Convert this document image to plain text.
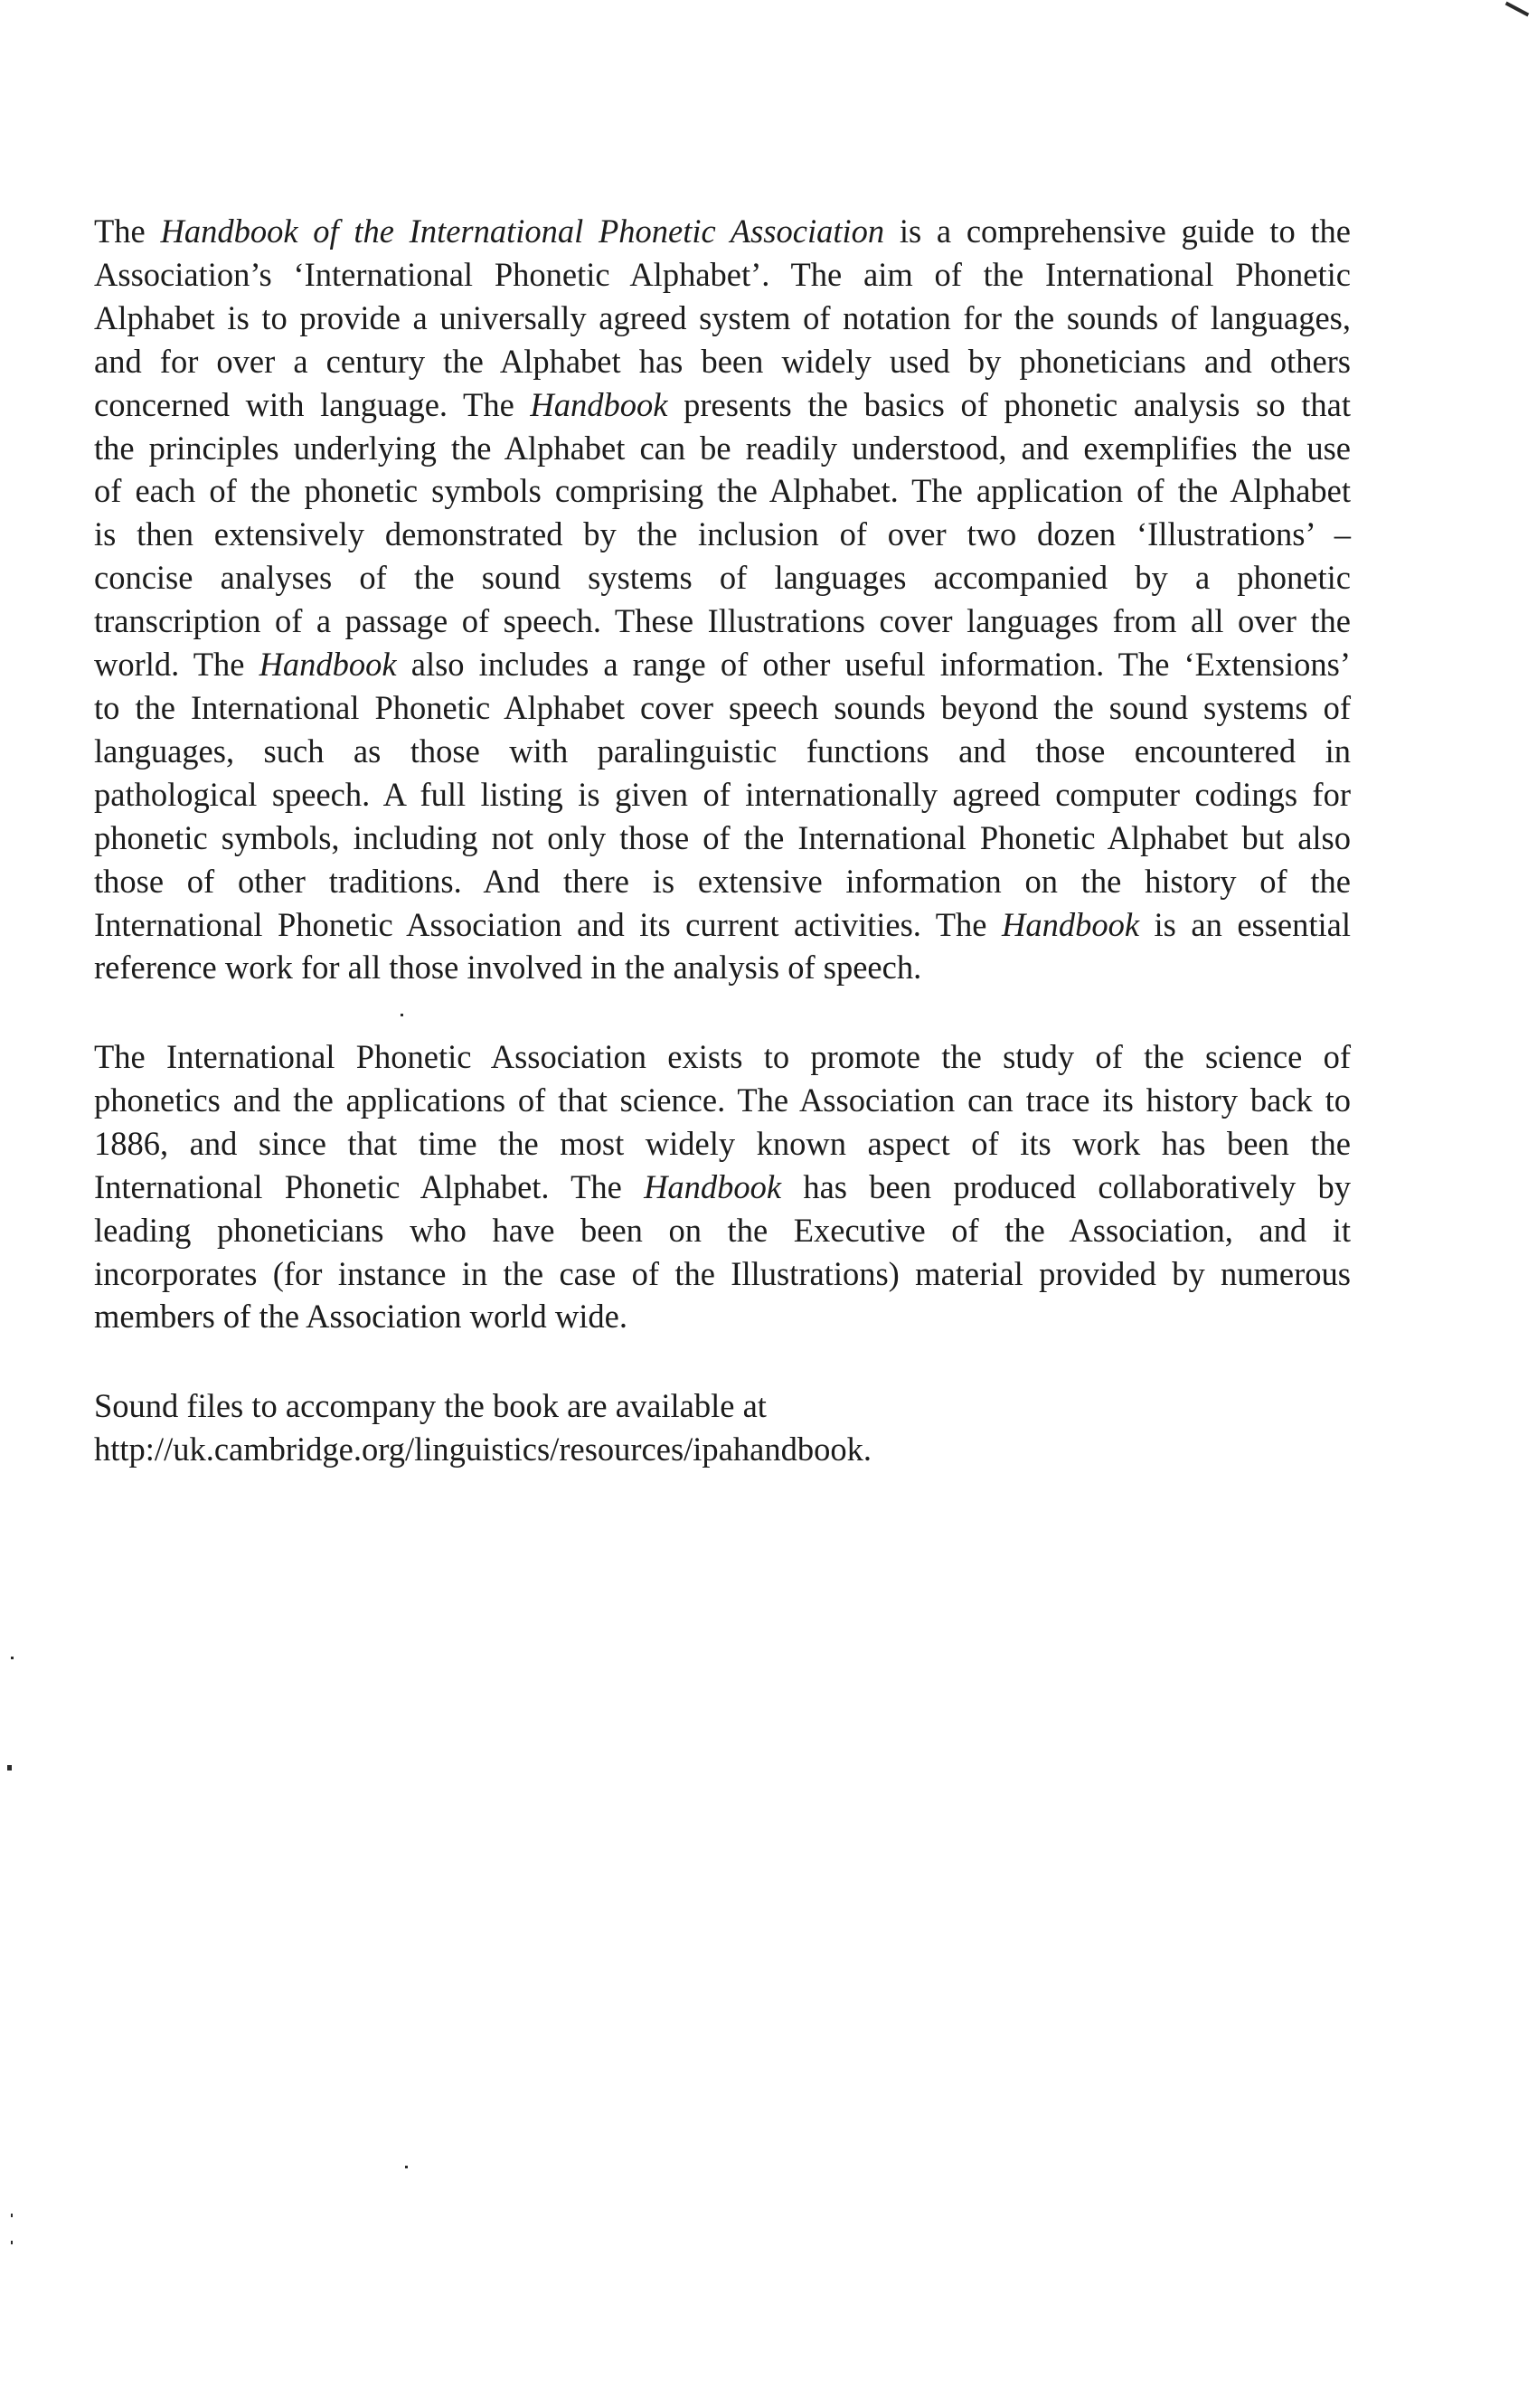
The Handbook of the International Phonetic Association is a comprehensive guide to the
Association’s ‘International Phonetic Alphabet’. The aim of the International Phonetic
Alphabet is to provide a universally agreed system of notation for the sounds of languages,
and for over a century the Alphabet has been widely used by phoneticians and others
concerned with language. The Handbook presents the basics of phonetic analysis so that
the principles underlying the Alphabet can be readily understood, and exemplifies the use
of each of the phonetic symbols comprising the Alphabet. The application of the Alphabet
is then extensively demonstrated by the inclusion of over two dozen ‘Illustrations’ –
concise analyses of the sound systems of languages accompanied by a phonetic
transcription of a passage of speech. These Illustrations cover languages from all over the
world. The Handbook also includes a range of other useful information. The ‘Extensions’
to the International Phonetic Alphabet cover speech sounds beyond the sound systems of
languages, such as those with paralinguistic functions and those encountered in
pathological speech. A full listing is given of internationally agreed computer codings for
phonetic symbols, including not only those of the International Phonetic Alphabet but also
those of other traditions. And there is extensive information on the history of the
International Phonetic Association and its current activities. The Handbook is an essential
reference work for all those involved in the analysis of speech.
The International Phonetic Association exists to promote the study of the science of
phonetics and the applications of that science. The Association can trace its history back to
1886, and since that time the most widely known aspect of its work has been the
International Phonetic Alphabet. The Handbook has been produced collaboratively by
leading phoneticians who have been on the Executive of the Association, and it
incorporates (for instance in the case of the Illustrations) material provided by numerous
members of the Association world wide.
Sound files to accompany the book are available at
http://uk.cambridge.org/linguistics/resources/ipahandbook.
